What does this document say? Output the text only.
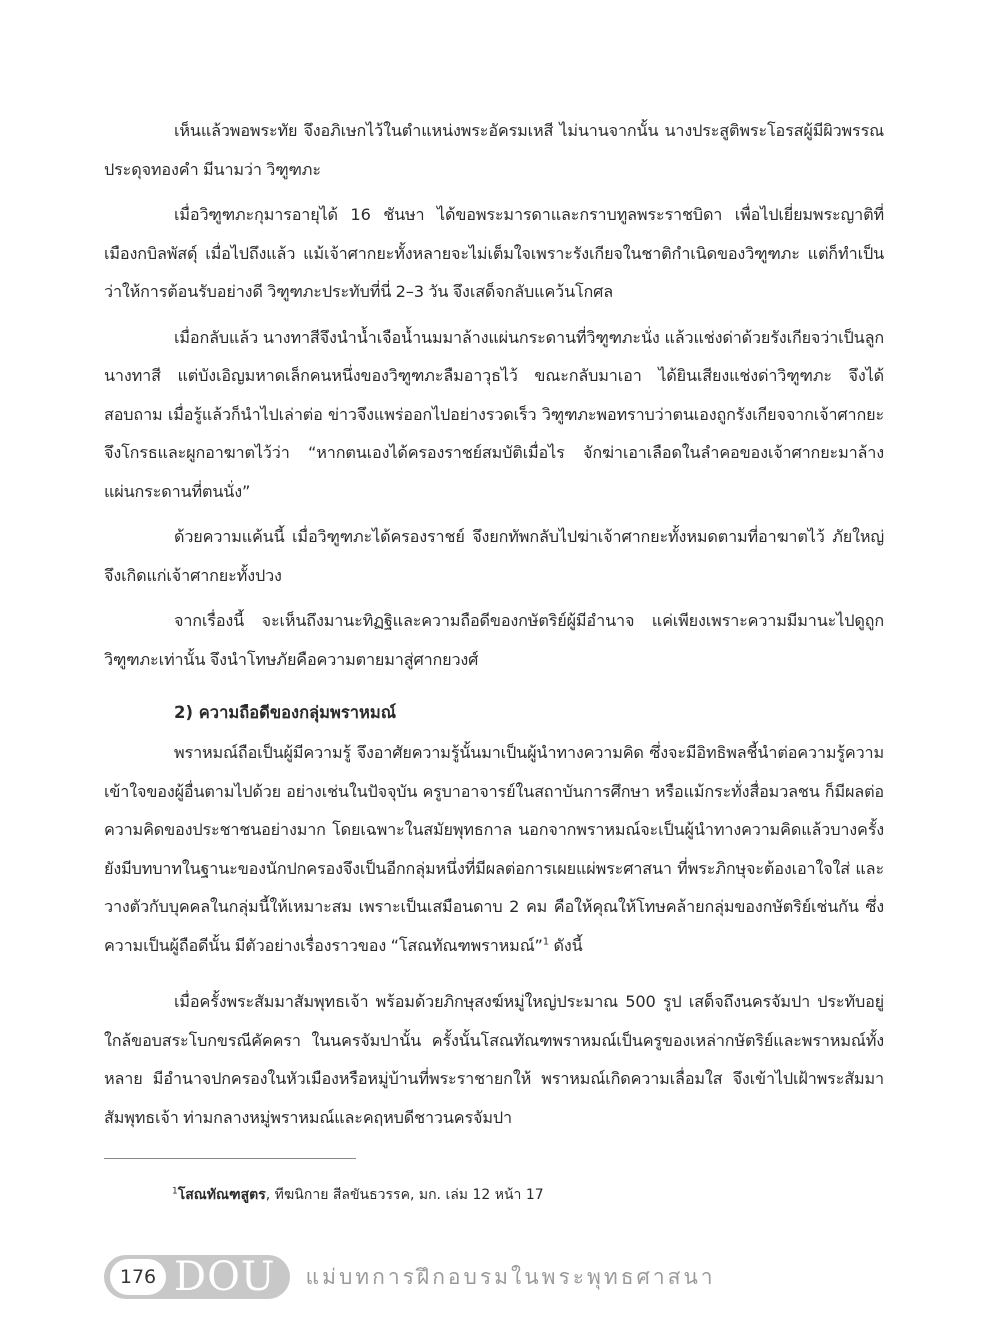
เห็นแล้วพอพระทัย จึงอภิเษกไว้ในตำแหน่งพระอัครมเหสี ไม่นานจากนั้น นางประสูติพระโอรสผู้มีผิวพรรณประดุจทองคำ มีนามว่า วิฑูฑภะ

เมื่อวิฑูฑภะกุมารอายุได้ 16 ชันษา ได้ขอพระมารดาและกราบทูลพระราชบิดา เพื่อไปเยี่ยมพระญาติที่เมืองกบิลพัสดุ์ เมื่อไปถึงแล้ว แม้เจ้าศากยะทั้งหลายจะไม่เต็มใจเพราะรังเกียจในชาติกำเนิดของวิฑูฑภะ แต่ก็ทำเป็นว่าให้การต้อนรับอย่างดี วิฑูฑภะประทับที่นี่ 2–3 วัน จึงเสด็จกลับแคว้นโกศล

เมื่อกลับแล้ว นางทาสีจึงนำน้ำเจือน้ำนมมาล้างแผ่นกระดานที่วิฑูฑภะนั่ง แล้วแช่งด่าด้วยรังเกียจว่าเป็นลูกนางทาสี แต่บังเอิญมหาดเล็กคนหนึ่งของวิฑูฑภะลืมอาวุธไว้ ขณะกลับมาเอา ได้ยินเสียงแช่งด่าวิฑูฑภะ จึงได้สอบถาม เมื่อรู้แล้วก็นำไปเล่าต่อ ข่าวจึงแพร่ออกไปอย่างรวดเร็ว วิฑูฑภะพอทราบว่าตนเองถูกรังเกียจจากเจ้าศากยะ จึงโกรธและผูกอาฆาตไว้ว่า “หากตนเองได้ครองราชย์สมบัติเมื่อไร จักฆ่าเอาเลือดในลำคอของเจ้าศากยะมาล้างแผ่นกระดานที่ตนนั่ง”

ด้วยความแค้นนี้ เมื่อวิฑูฑภะได้ครองราชย์ จึงยกทัพกลับไปฆ่าเจ้าศากยะทั้งหมดตามที่อาฆาตไว้ ภัยใหญ่จึงเกิดแก่เจ้าศากยะทั้งปวง

จากเรื่องนี้ จะเห็นถึงมานะทิฏฐิและความถือดีของกษัตริย์ผู้มีอำนาจ แค่เพียงเพราะความมีมานะไปดูถูกวิฑูฑภะเท่านั้น จึงนำโทษภัยคือความตายมาสู่ศากยวงศ์

2) ความถือดีของกลุ่มพราหมณ์

พราหมณ์ถือเป็นผู้มีความรู้ จึงอาศัยความรู้นั้นมาเป็นผู้นำทางความคิด ซึ่งจะมีอิทธิพลชี้นำต่อความรู้ความเข้าใจของผู้อื่นตามไปด้วย อย่างเช่นในปัจจุบัน ครูบาอาจารย์ในสถาบันการศึกษา หรือแม้กระทั่งสื่อมวลชน ก็มีผลต่อความคิดของประชาชนอย่างมาก โดยเฉพาะในสมัยพุทธกาล นอกจากพราหมณ์จะเป็นผู้นำทางความคิดแล้วบางครั้งยังมีบทบาทในฐานะของนักปกครองจึงเป็นอีกกลุ่มหนึ่งที่มีผลต่อการเผยแผ่พระศาสนา ที่พระภิกษุจะต้องเอาใจใส่ และวางตัวกับบุคคลในกลุ่มนี้ให้เหมาะสม เพราะเป็นเสมือนดาบ 2 คม คือให้คุณให้โทษคล้ายกลุ่มของกษัตริย์เช่นกัน ซึ่งความเป็นผู้ถือดีนั้น มีตัวอย่างเรื่องราวของ “โสณทัณฑพราหมณ์”$^1$ ดังนี้

เมื่อครั้งพระสัมมาสัมพุทธเจ้า พร้อมด้วยภิกษุสงฆ์หมู่ใหญ่ประมาณ 500 รูป เสด็จถึงนครจัมปา ประทับอยู่ใกล้ขอบสระโบกขรณีคัคครา ในนครจัมปานั้น ครั้งนั้นโสณทัณฑพราหมณ์เป็นครูของเหล่ากษัตริย์และพราหมณ์ทั้งหลาย มีอำนาจปกครองในหัวเมืองหรือหมู่บ้านที่พระราชายกให้ พราหมณ์เกิดความเลื่อมใส จึงเข้าไปเฝ้าพระสัมมาสัมพุทธเจ้า ท่ามกลางหมู่พราหมณ์และคฤหบดีชาวนครจัมปา

$^1$โสณทัณฑสูตร, ทีฆนิกาย สีลขันธวรรค, มก. เล่ม 12 หน้า 17
176 DOU แม่บทการฝึกอบรมในพระพุทธศาสนา
